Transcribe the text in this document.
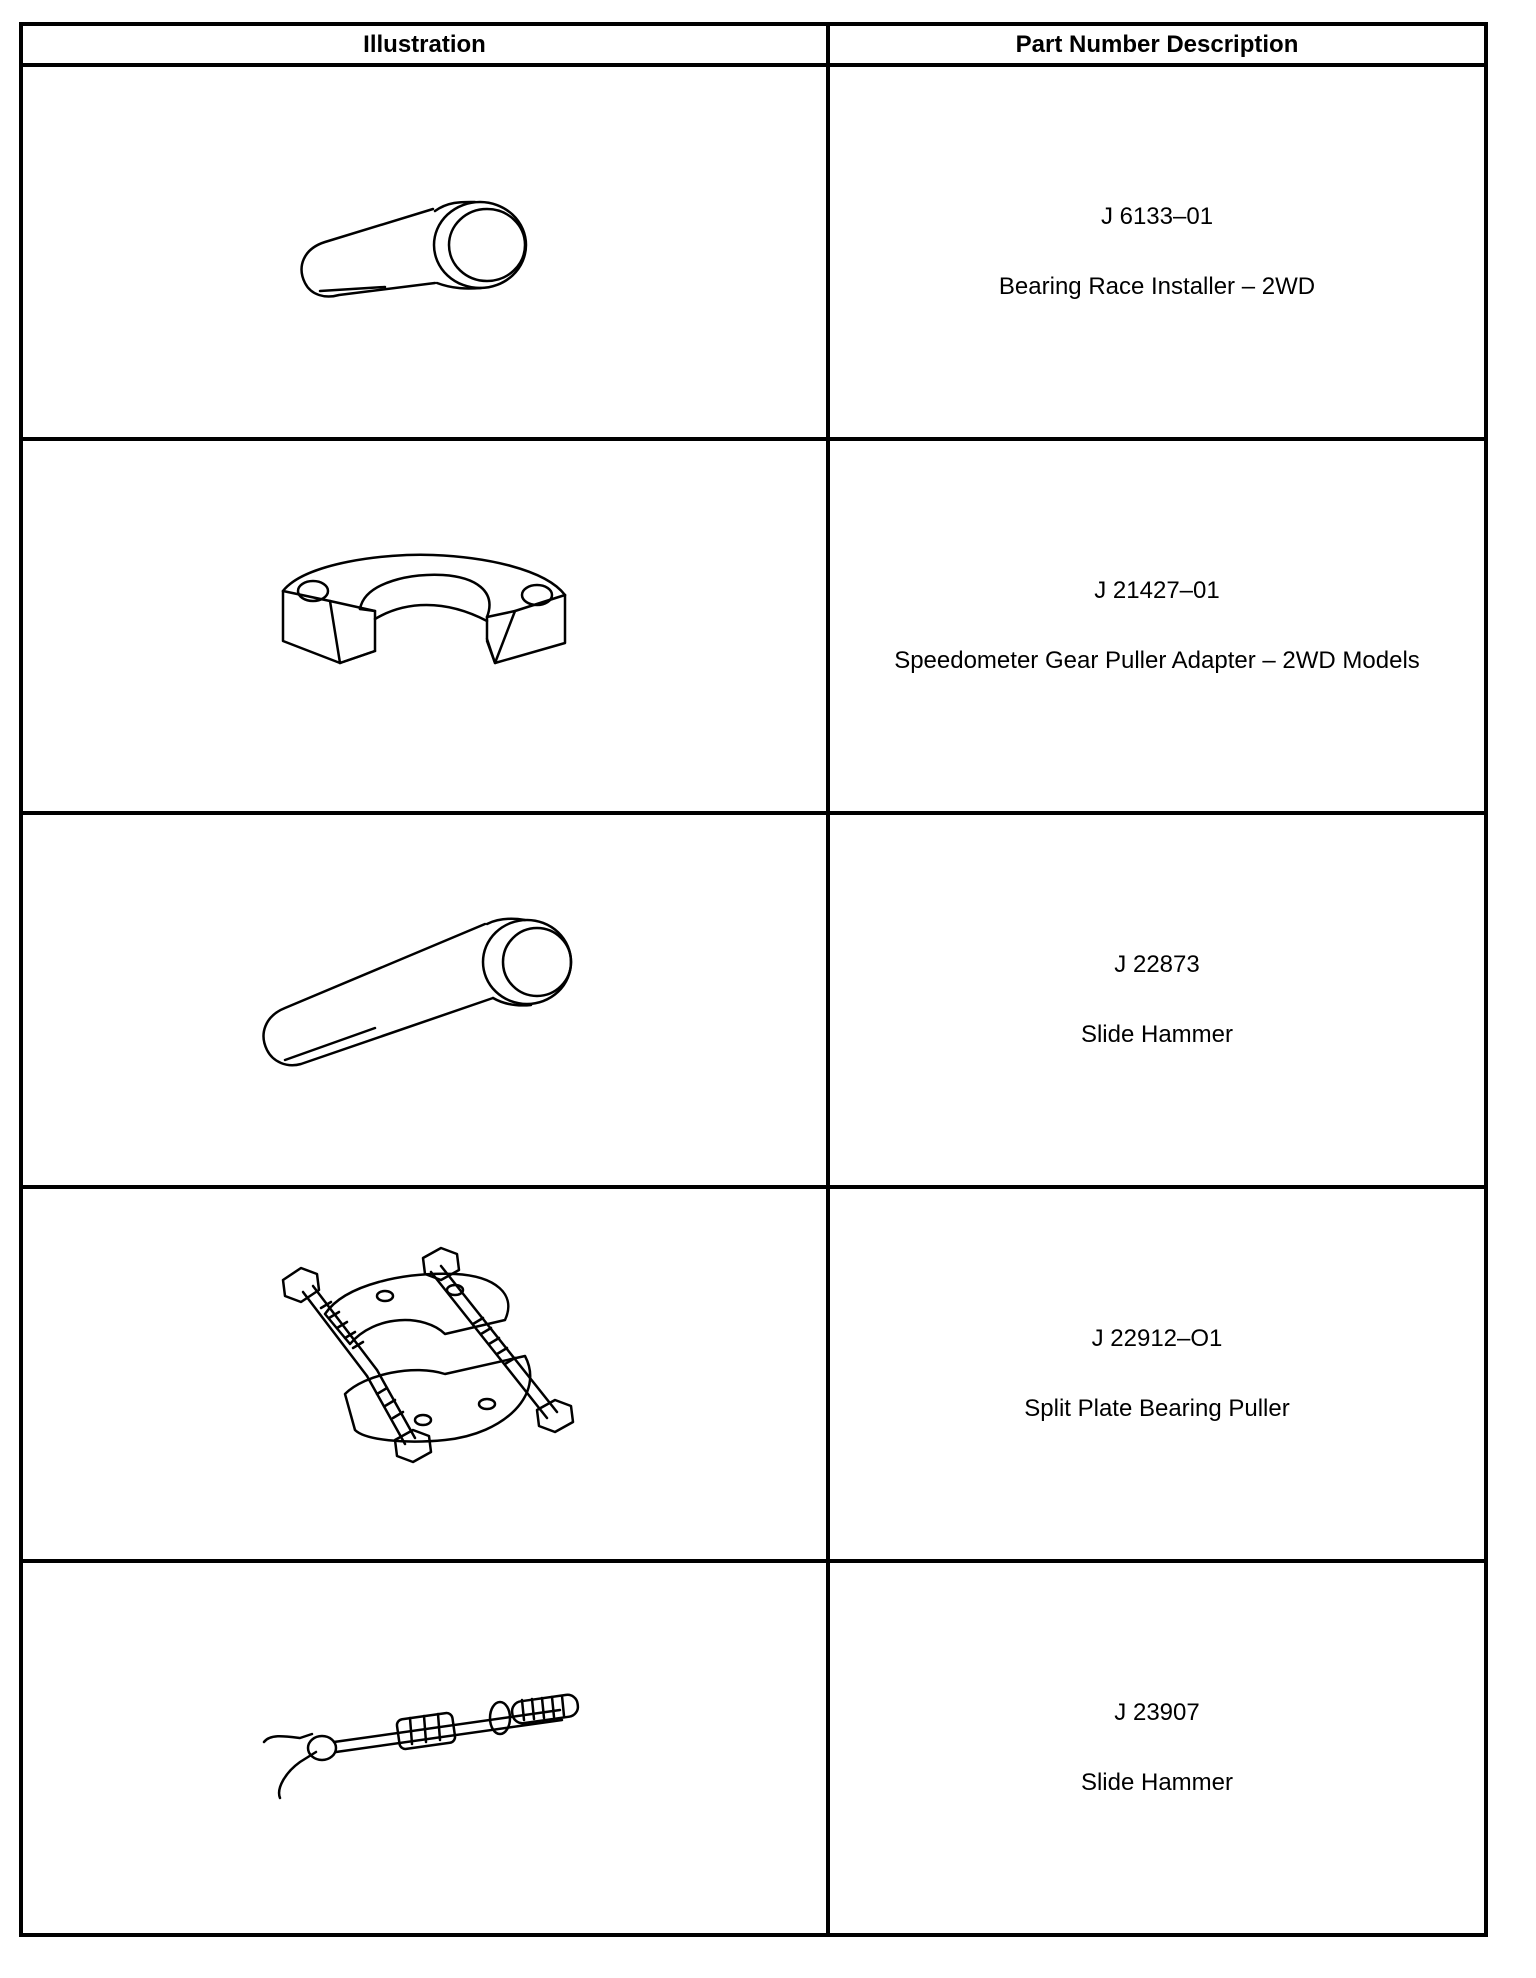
Illustration	Part Number Description

J 6133–01
Bearing Race Installer – 2WD

J 21427–01
Speedometer Gear Puller Adapter – 2WD Models

J 22873
Slide Hammer

J 22912–O1
Split Plate Bearing Puller

J 23907
Slide Hammer
